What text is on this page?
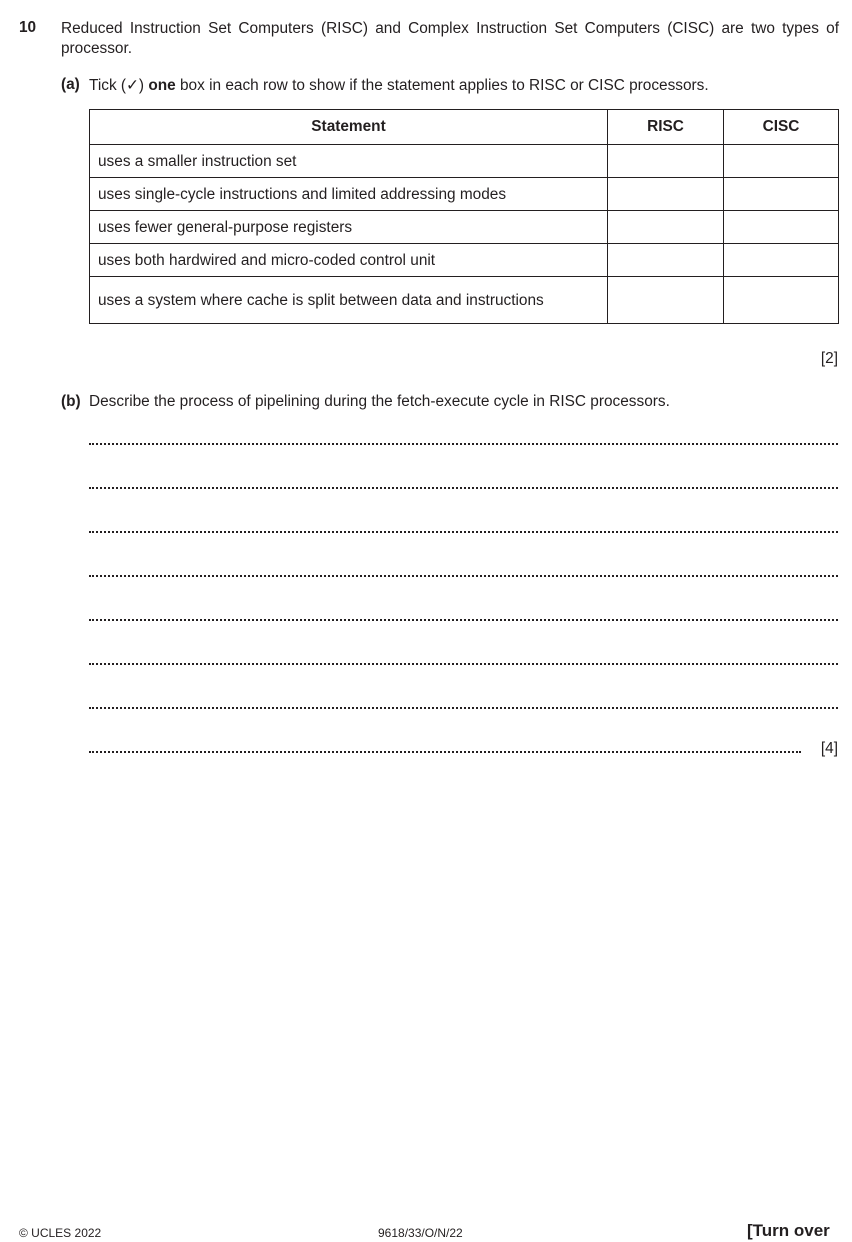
10 Reduced Instruction Set Computers (RISC) and Complex Instruction Set Computers (CISC) are two types of processor.
(a) Tick (✓) one box in each row to show if the statement applies to RISC or CISC processors.
Statement	RISC	CISC
uses a smaller instruction set		
uses single-cycle instructions and limited addressing modes		
uses fewer general-purpose registers		
uses both hardwired and micro-coded control unit		
uses a system where cache is split between data and instructions		
[2]
(b) Describe the process of pipelining during the fetch-execute cycle in RISC processors.
[4]
© UCLES 2022	9618/33/O/N/22	[Turn over
